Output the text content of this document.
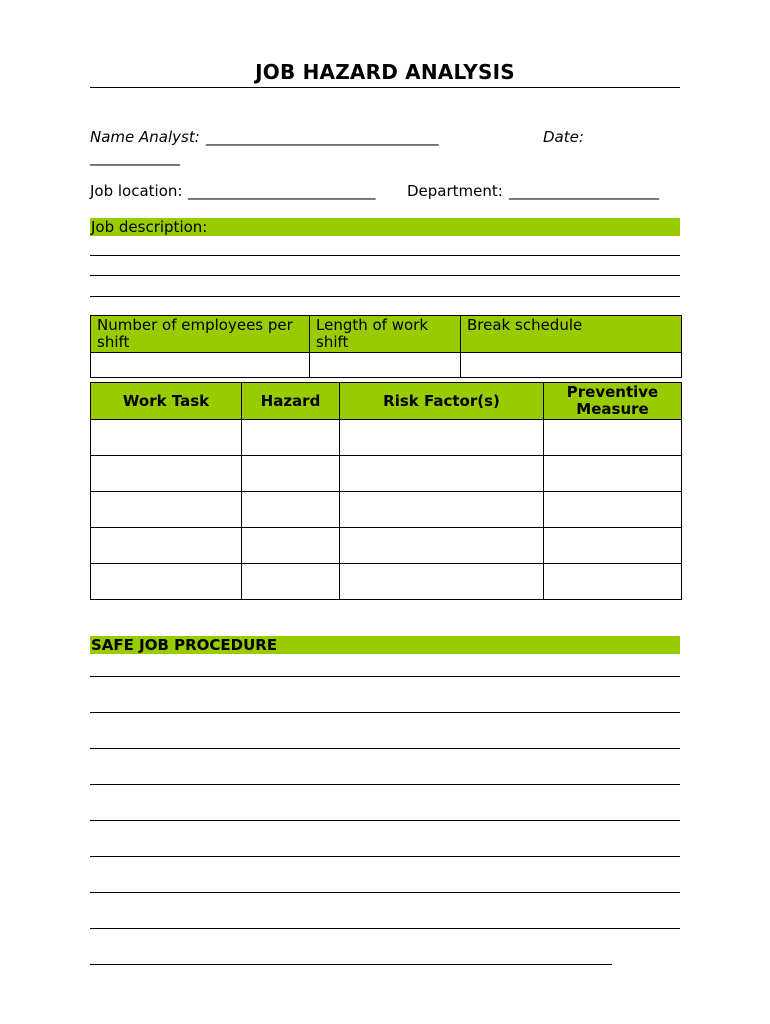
JOB HAZARD ANALYSIS
Name Analyst: _______________________________	Date:
____________
Job location: _________________________ Department: ____________________
Job description:
Number of employees per shift	Length of work shift	Break schedule

Work Task	Hazard	Risk Factor(s)	Preventive Measure

SAFE JOB PROCEDURE
